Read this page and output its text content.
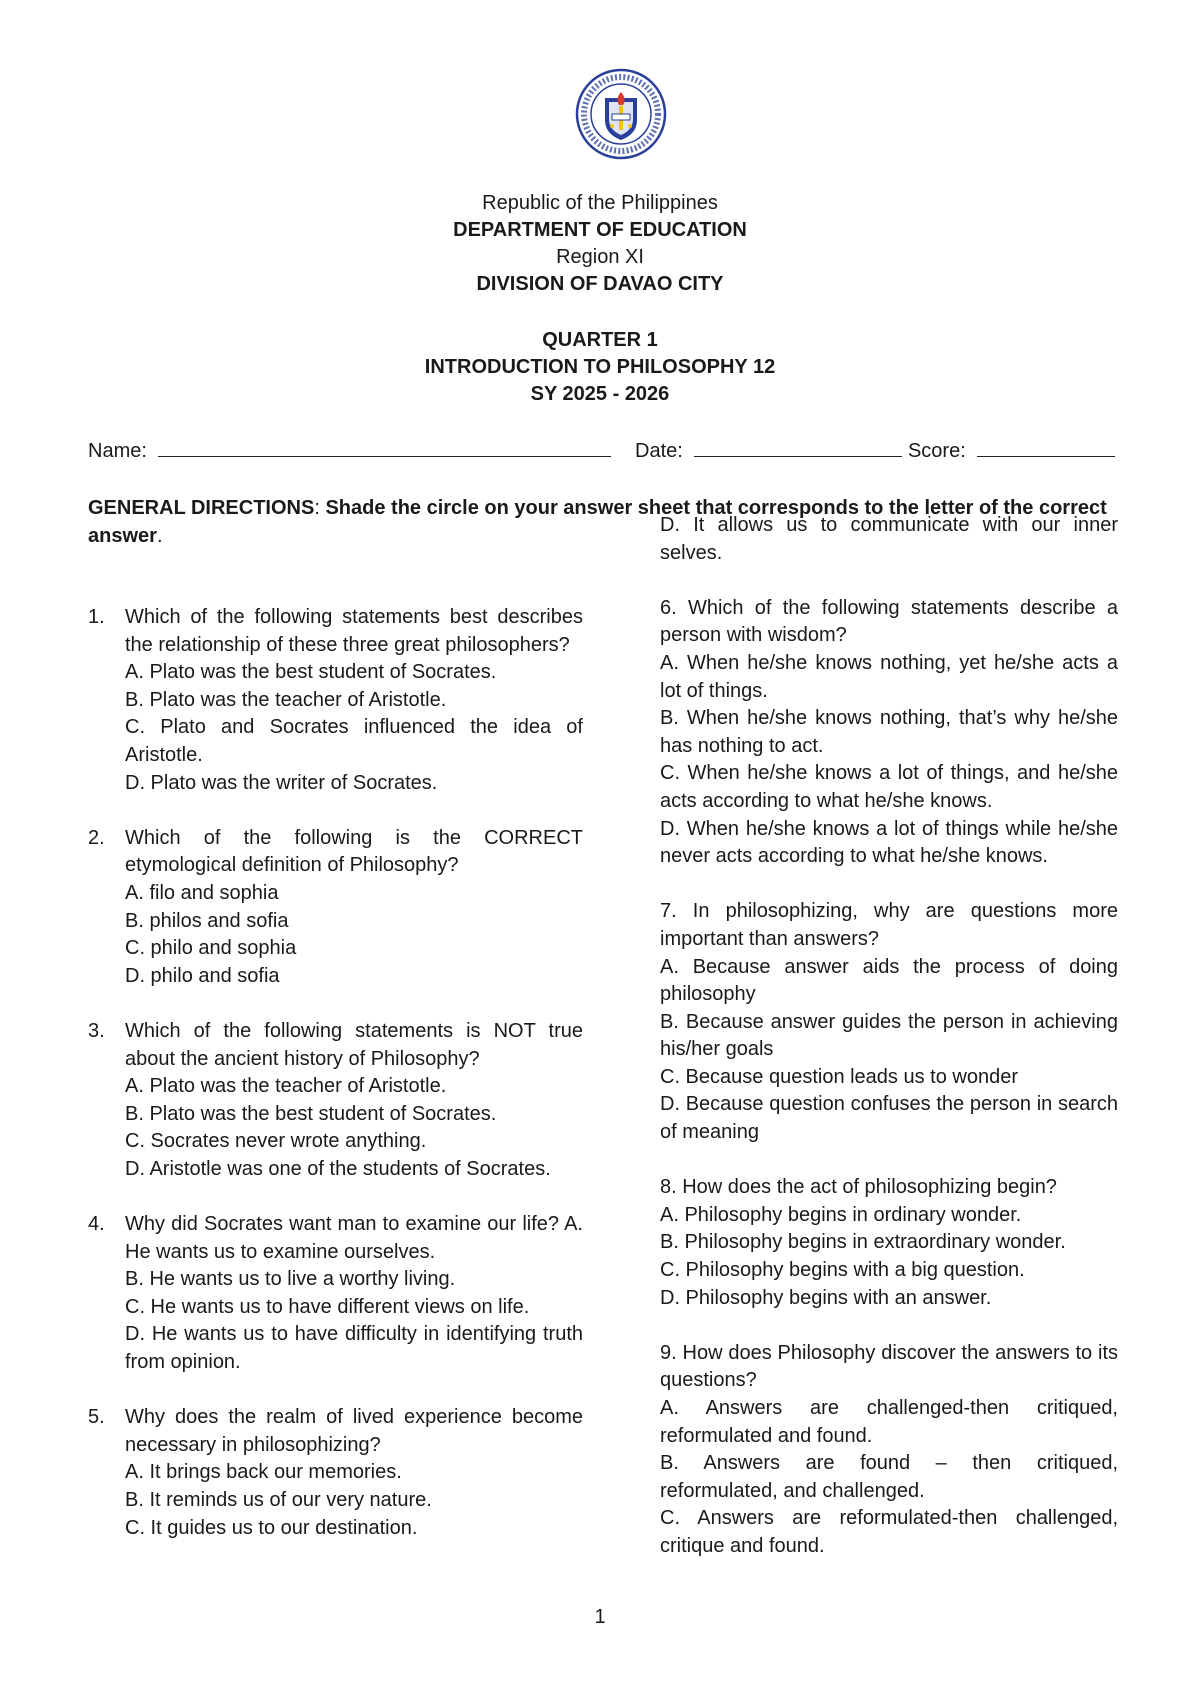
Republic of the Philippines
DEPARTMENT OF EDUCATION
Region XI
DIVISION OF DAVAO CITY
QUARTER 1
INTRODUCTION TO PHILOSOPHY 12
SY 2025 - 2026
Name:	Date:	Score:
GENERAL DIRECTIONS: Shade the circle on your answer sheet that corresponds to the letter of the correct answer.
1.	Which of the following statements best describes the relationship of these three great philosophers?
A. Plato was the best student of Socrates.
B. Plato was the teacher of Aristotle.
C. Plato and Socrates influenced the idea of Aristotle.
D. Plato was the writer of Socrates.
2.	Which of the following is the CORRECT etymological definition of Philosophy?
A. filo and sophia
B. philos and sofia
C. philo and sophia
D. philo and sofia
3.	Which of the following statements is NOT true about the ancient history of Philosophy?
A. Plato was the teacher of Aristotle.
B. Plato was the best student of Socrates.
C. Socrates never wrote anything.
D. Aristotle was one of the students of Socrates.
4.	Why did Socrates want man to examine our life? A. He wants us to examine ourselves.
B. He wants us to live a worthy living.
C. He wants us to have different views on life.
D. He wants us to have difficulty in identifying truth from opinion.
5.	Why does the realm of lived experience become necessary in philosophizing?
A. It brings back our memories.
B. It reminds us of our very nature.
C. It guides us to our destination.
D. It allows us to communicate with our inner selves.
6. Which of the following statements describe a person with wisdom?
A. When he/she knows nothing, yet he/she acts a lot of things.
B. When he/she knows nothing, that’s why he/she has nothing to act.
C. When he/she knows a lot of things, and he/she acts according to what he/she knows.
D. When he/she knows a lot of things while he/she never acts according to what he/she knows.
7. In philosophizing, why are questions more important than answers?
A. Because answer aids the process of doing philosophy
B. Because answer guides the person in achieving his/her goals
C. Because question leads us to wonder
D. Because question confuses the person in search of meaning
8. How does the act of philosophizing begin?
A. Philosophy begins in ordinary wonder.
B. Philosophy begins in extraordinary wonder.
C. Philosophy begins with a big question.
D. Philosophy begins with an answer.
9. How does Philosophy discover the answers to its questions?
A. Answers are challenged-then critiqued, reformulated and found.
B. Answers are found – then critiqued, reformulated, and challenged.
C. Answers are reformulated-then challenged, critique and found.
1
